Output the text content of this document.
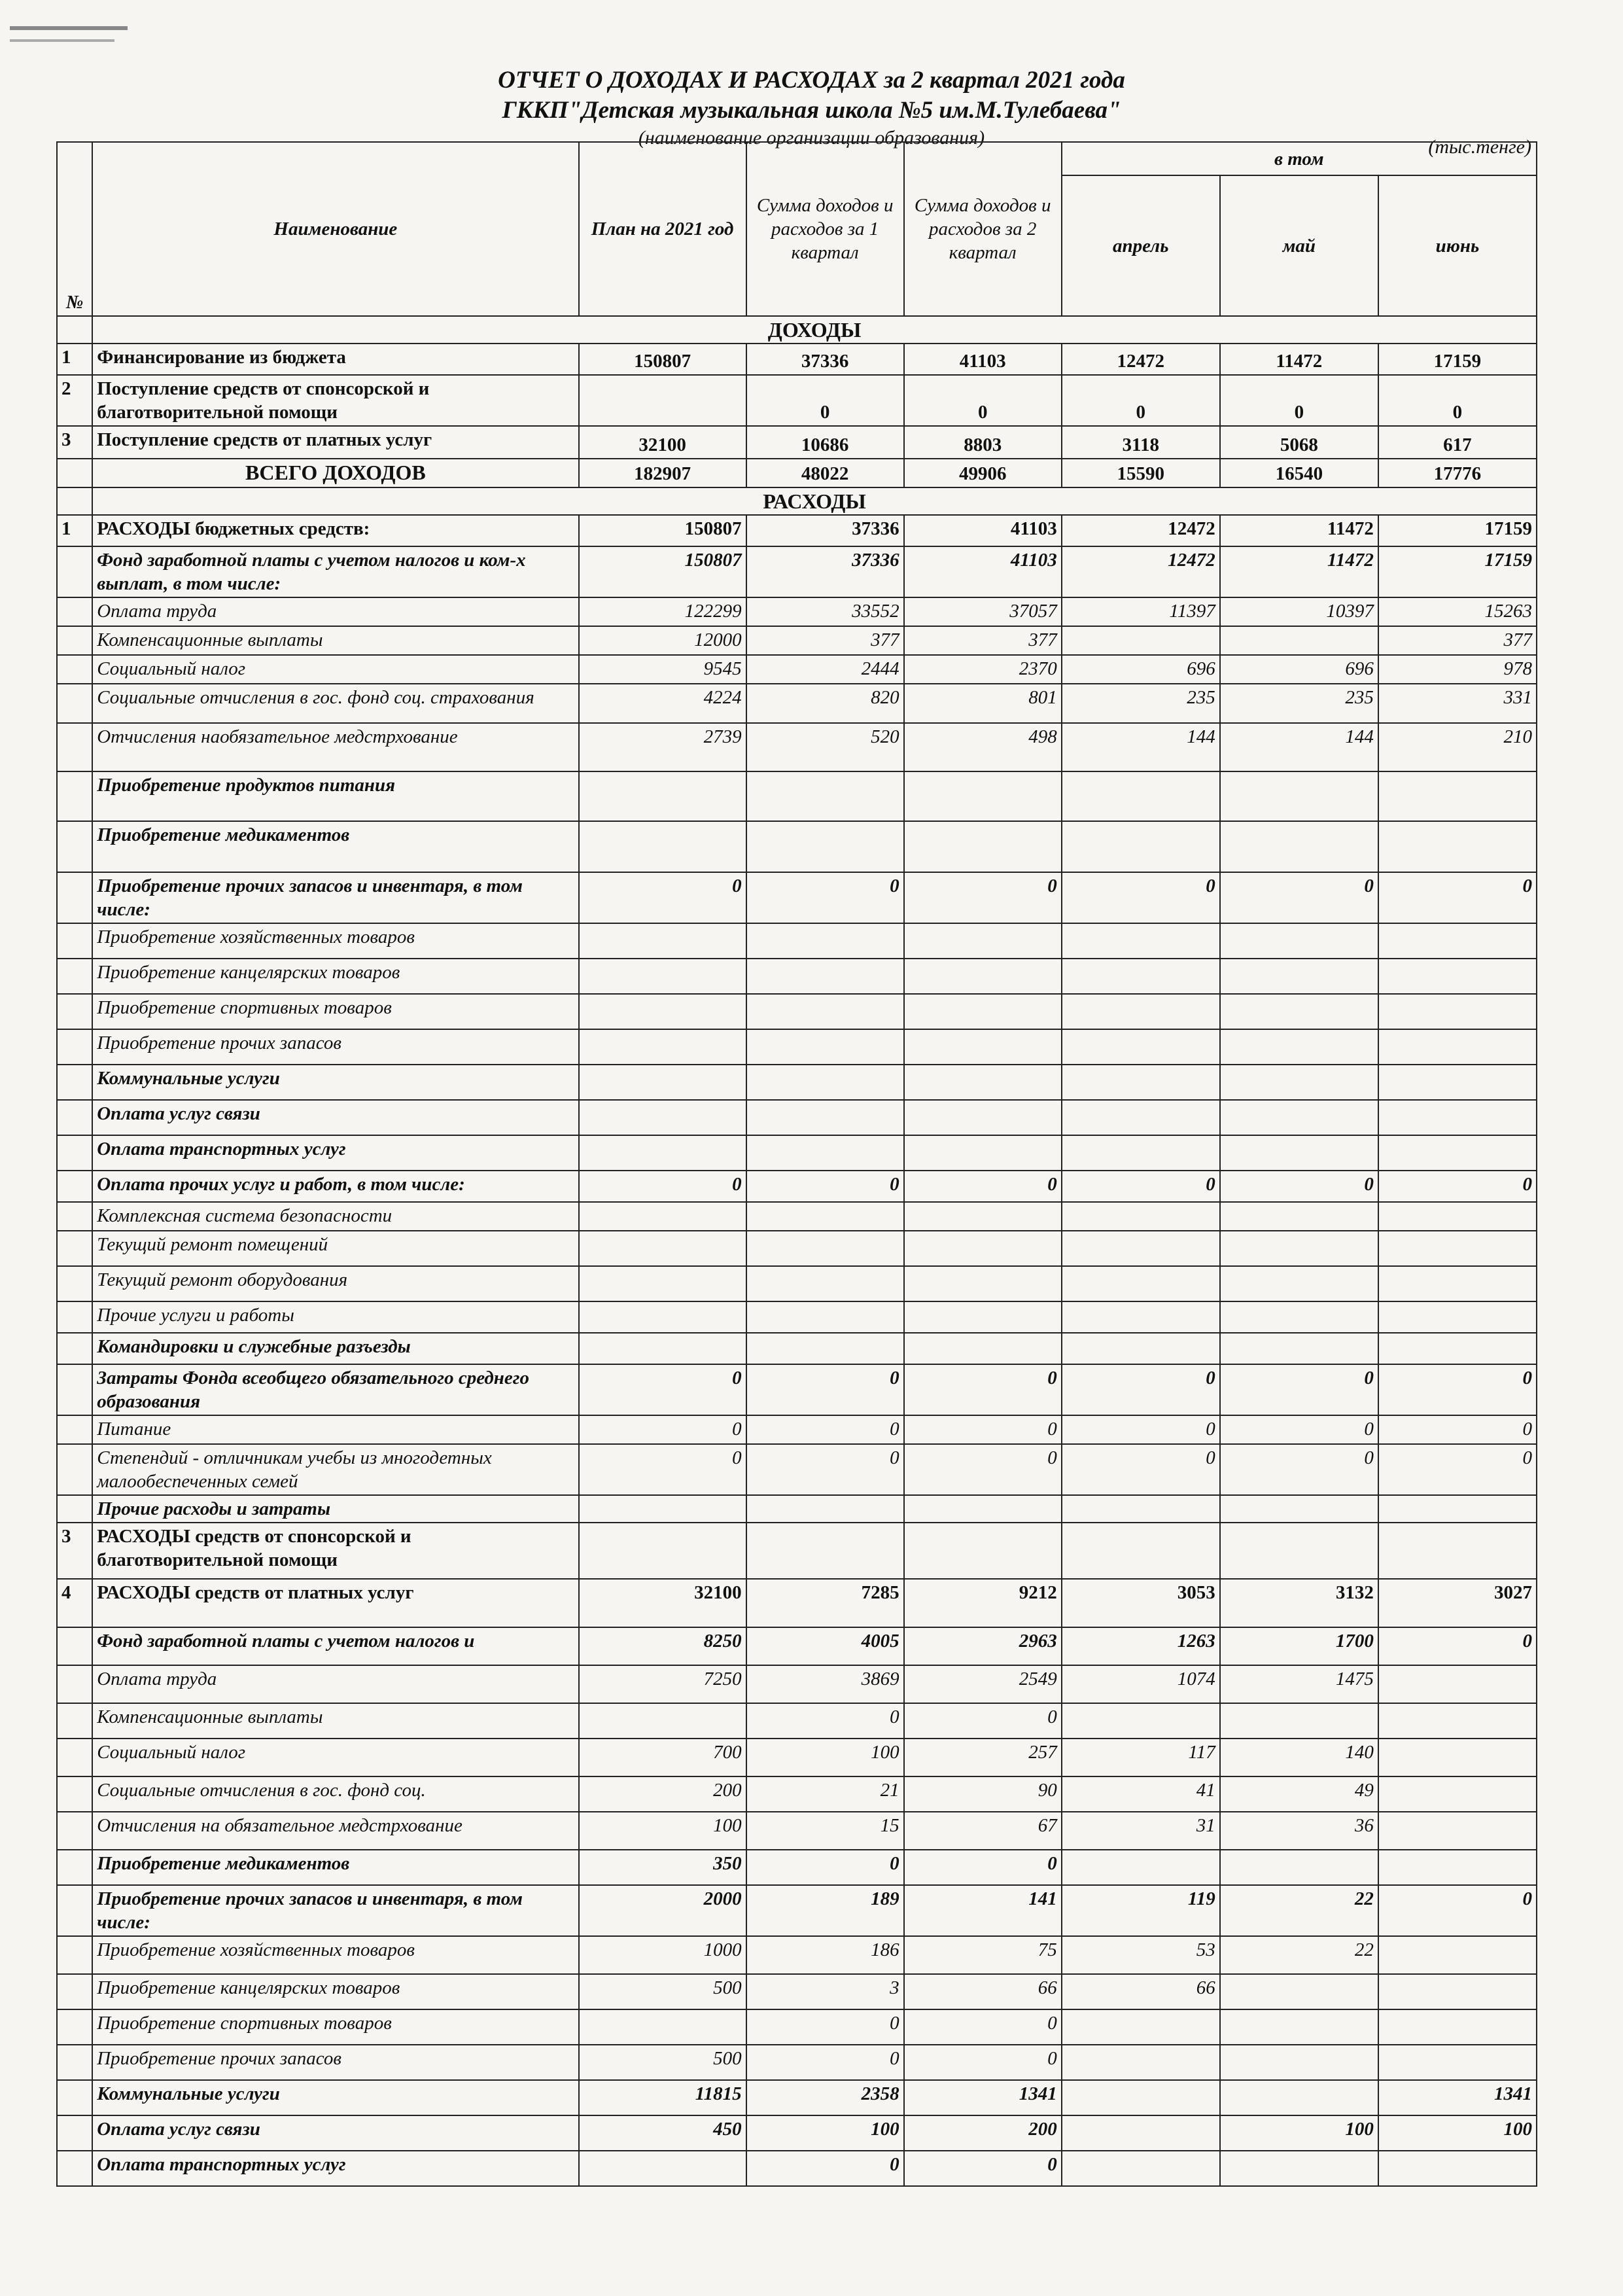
ОТЧЕТ О ДОХОДАХ И РАСХОДАХ за 2 квартал 2021 года
ГККП"Детская музыкальная школа №5 им.М.Тулебаева"
(наименование организации образования)	(тыс.тенге)
№	Наименование	План на 2021 год	Сумма доходов и расходов за 1 квартал	Сумма доходов и расходов за 2 квартал	в том		
					апрель	май	июнь
	ДОХОДЫ						
1	Финансирование из бюджета	150807	37336	41103	12472	11472	17159
2	Поступление средств от спонсорской и благотворительной помощи		0	0	0	0	0
3	Поступление средств от платных услуг	32100	10686	8803	3118	5068	617
	ВСЕГО ДОХОДОВ	182907	48022	49906	15590	16540	17776
	РАСХОДЫ						
1	РАСХОДЫ бюджетных средств:	150807	37336	41103	12472	11472	17159
	Фонд заработной платы с учетом налогов и ком-х выплат, в том числе:	150807	37336	41103	12472	11472	17159
	Оплата труда	122299	33552	37057	11397	10397	15263
	Компенсационные выплаты	12000	377	377			377
	Социальный налог	9545	2444	2370	696	696	978
	Социальные отчисления в гос. фонд соц. страхования	4224	820	801	235	235	331
	Отчисления наобязательное медстрхование	2739	520	498	144	144	210
	Приобретение продуктов питания						
	Приобретение медикаментов						
	Приобретение прочих запасов и инвентаря, в том числе:	0	0	0	0	0	0
	Приобретение хозяйственных товаров						
	Приобретение канцелярских товаров						
	Приобретение спортивных товаров						
	Приобретение прочих запасов						
	Коммунальные услуги						
	Оплата услуг связи						
	Оплата транспортных услуг						
	Оплата прочих услуг и работ, в том числе:	0	0	0	0	0	0
	Комплексная система безопасности						
	Текущий ремонт помещений						
	Текущий ремонт оборудования						
	Прочие услуги и работы						
	Командировки и служебные разъезды						
	Затраты Фонда всеобщего обязательного среднего образования	0	0	0	0	0	0
	Питание	0	0	0	0	0	0
	Степендий - отличникам учебы из многодетных малообеспеченных семей	0	0	0	0	0	0
	Прочие расходы и затраты						
3	РАСХОДЫ средств от спонсорской и благотворительной помощи						
4	РАСХОДЫ средств от платных услуг	32100	7285	9212	3053	3132	3027
	Фонд заработной платы с учетом налогов и	8250	4005	2963	1263	1700	0
	Оплата труда	7250	3869	2549	1074	1475	
	Компенсационные выплаты		0	0			
	Социальный налог	700	100	257	117	140	
	Социальные отчисления в гос. фонд соц.	200	21	90	41	49	
	Отчисления на обязательное медстрхование	100	15	67	31	36	
	Приобретение медикаментов	350	0	0			
	Приобретение прочих запасов и инвентаря, в том числе:	2000	189	141	119	22	0
	Приобретение хозяйственных товаров	1000	186	75	53	22	
	Приобретение канцелярских товаров	500	3	66	66		
	Приобретение спортивных товаров		0	0			
	Приобретение прочих запасов	500	0	0			
	Коммунальные услуги	11815	2358	1341			1341
	Оплата услуг связи	450	100	200		100	100
	Оплата транспортных услуг		0	0			
